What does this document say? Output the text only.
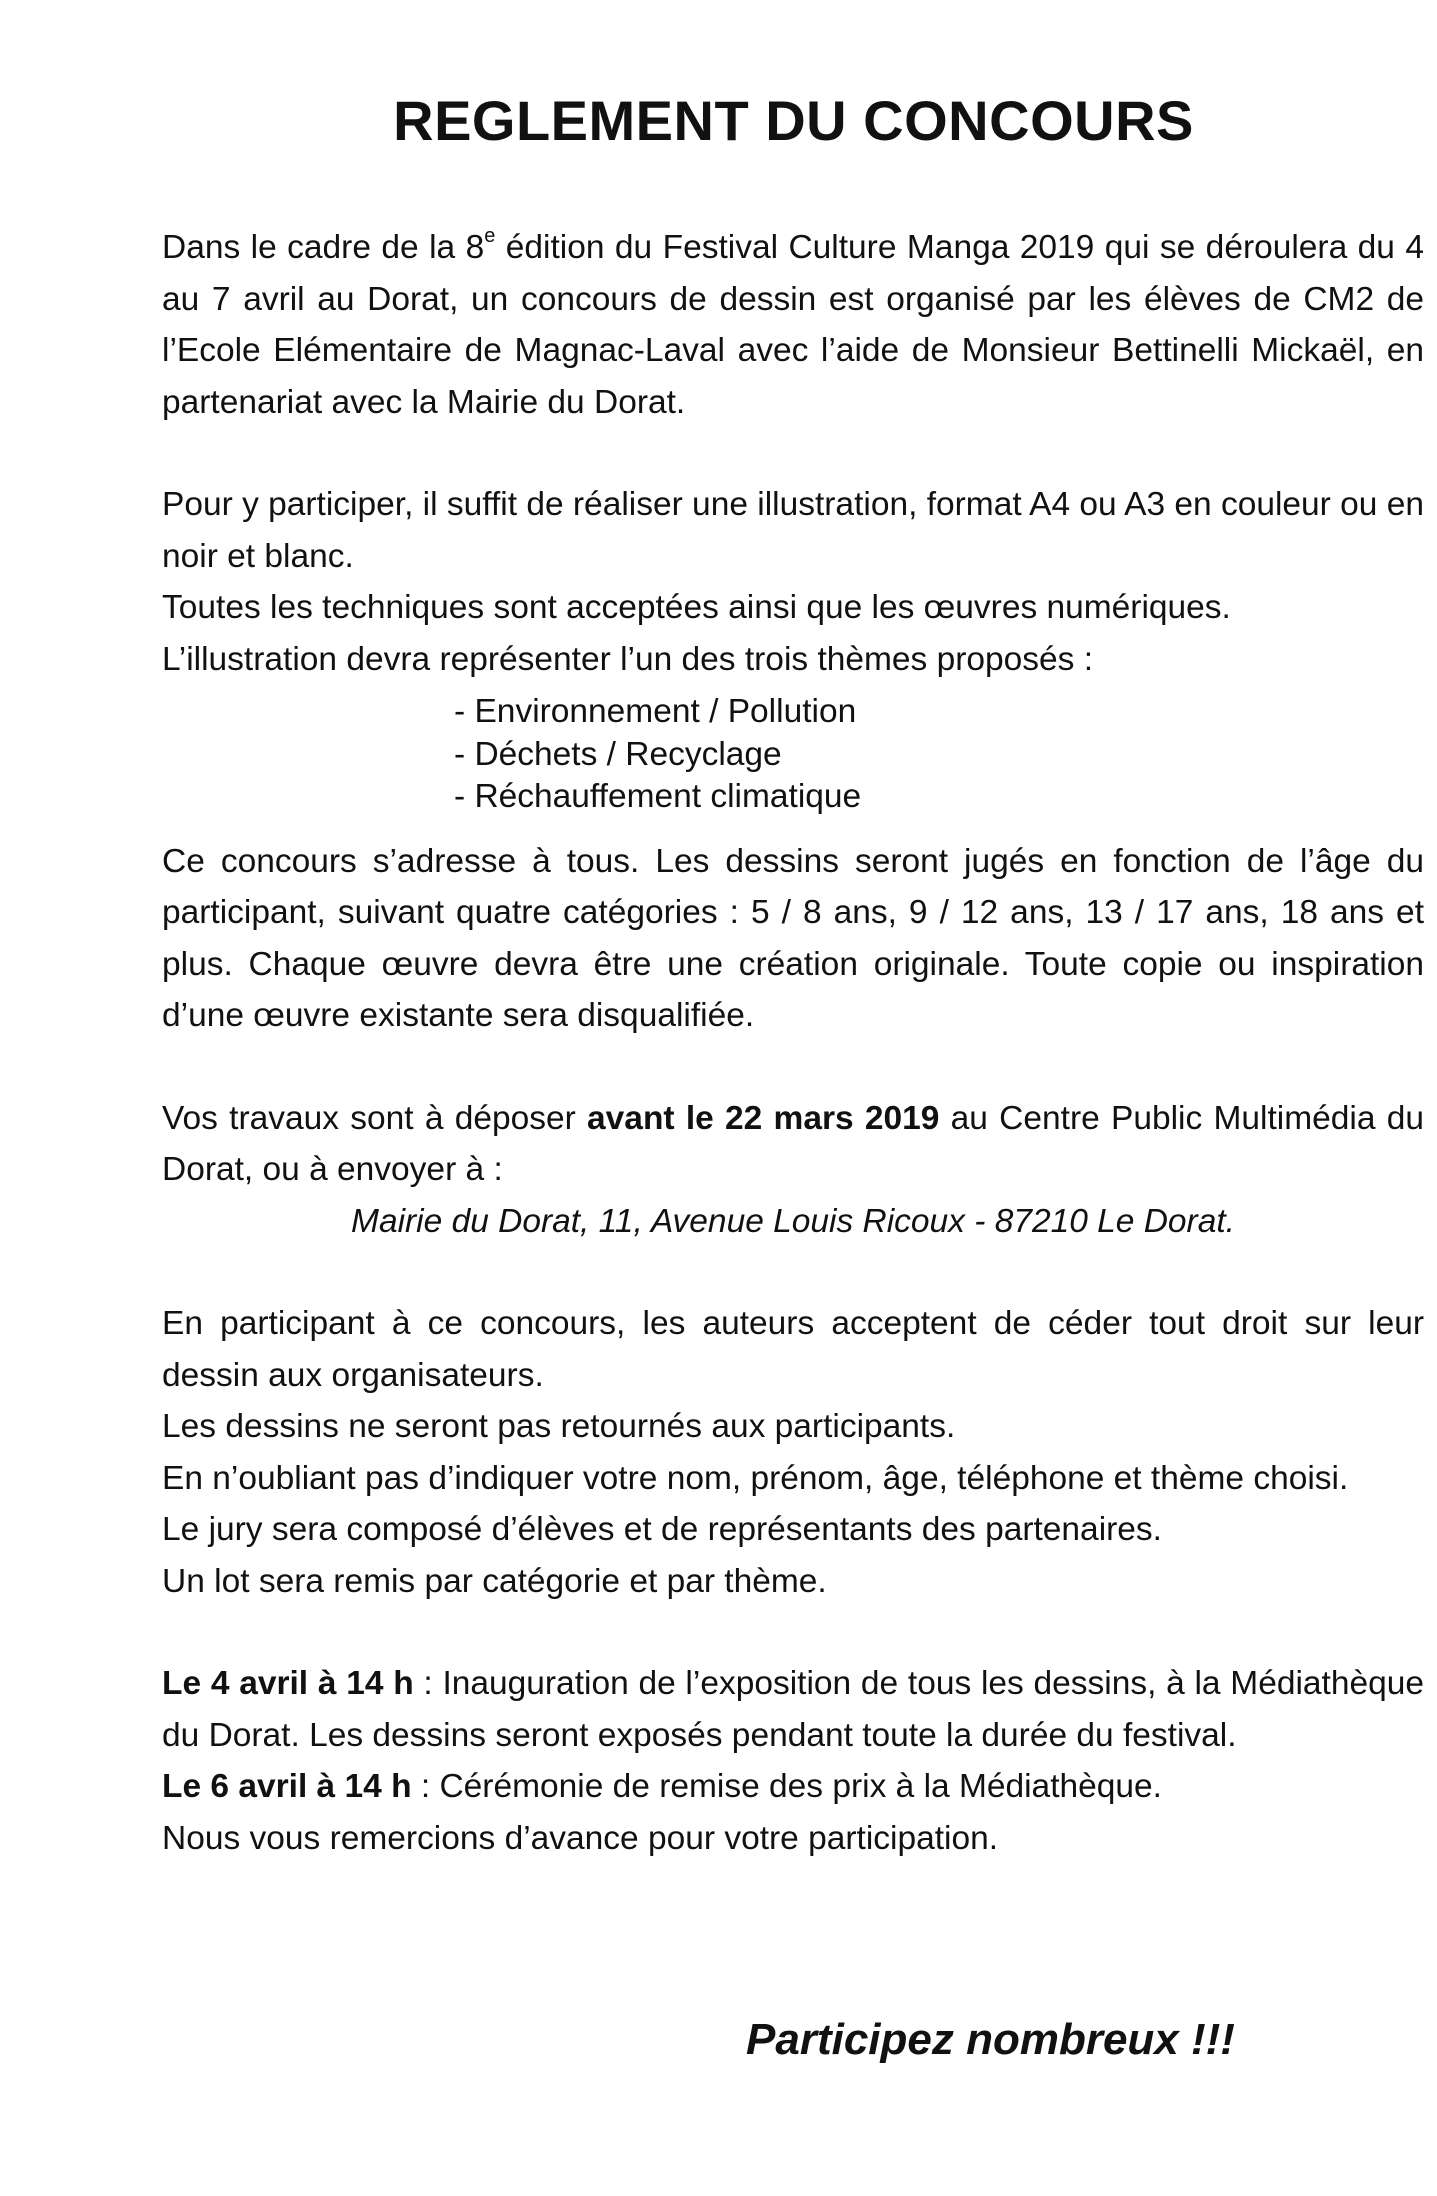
REGLEMENT DU CONCOURS

Dans le cadre de la 8e édition du Festival Culture Manga 2019 qui se déroulera du 4 au 7 avril au Dorat, un concours de dessin est organisé par les élèves de CM2 de l’Ecole Elémentaire de Magnac-Laval avec l’aide de Monsieur Bettinelli Mickaël, en partenariat avec la Mairie du Dorat.

Pour y participer, il suffit de réaliser une illustration, format A4 ou A3 en couleur ou en noir et blanc.

Toutes les techniques sont acceptées ainsi que les œuvres numériques.

L’illustration devra représenter l’un des trois thèmes proposés :

- Environnement / Pollution
- Déchets / Recyclage
- Réchauffement climatique

Ce concours s’adresse à tous. Les dessins seront jugés en fonction de l’âge du participant, suivant quatre catégories : 5 / 8 ans, 9 / 12 ans, 13 / 17 ans, 18 ans et plus. Chaque œuvre devra être une création originale. Toute copie ou inspiration d’une œuvre existante sera disqualifiée.

Vos travaux sont à déposer avant le 22 mars 2019 au Centre Public Multimédia du Dorat, ou à envoyer à :

Mairie du Dorat, 11, Avenue Louis Ricoux - 87210 Le Dorat.

En participant à ce concours, les auteurs acceptent de céder tout droit sur leur dessin aux organisateurs.

Les dessins ne seront pas retournés aux participants.

En n’oubliant pas d’indiquer votre nom, prénom, âge, téléphone et thème choisi.

Le jury sera composé d’élèves et de représentants des partenaires.

Un lot sera remis par catégorie et par thème.

Le 4 avril à 14 h : Inauguration de l’exposition de tous les dessins, à la Médiathèque du Dorat. Les dessins seront exposés pendant toute la durée du festival.

Le 6 avril à 14 h : Cérémonie de remise des prix à la Médiathèque.

Nous vous remercions d’avance pour votre participation.

Participez nombreux !!!
